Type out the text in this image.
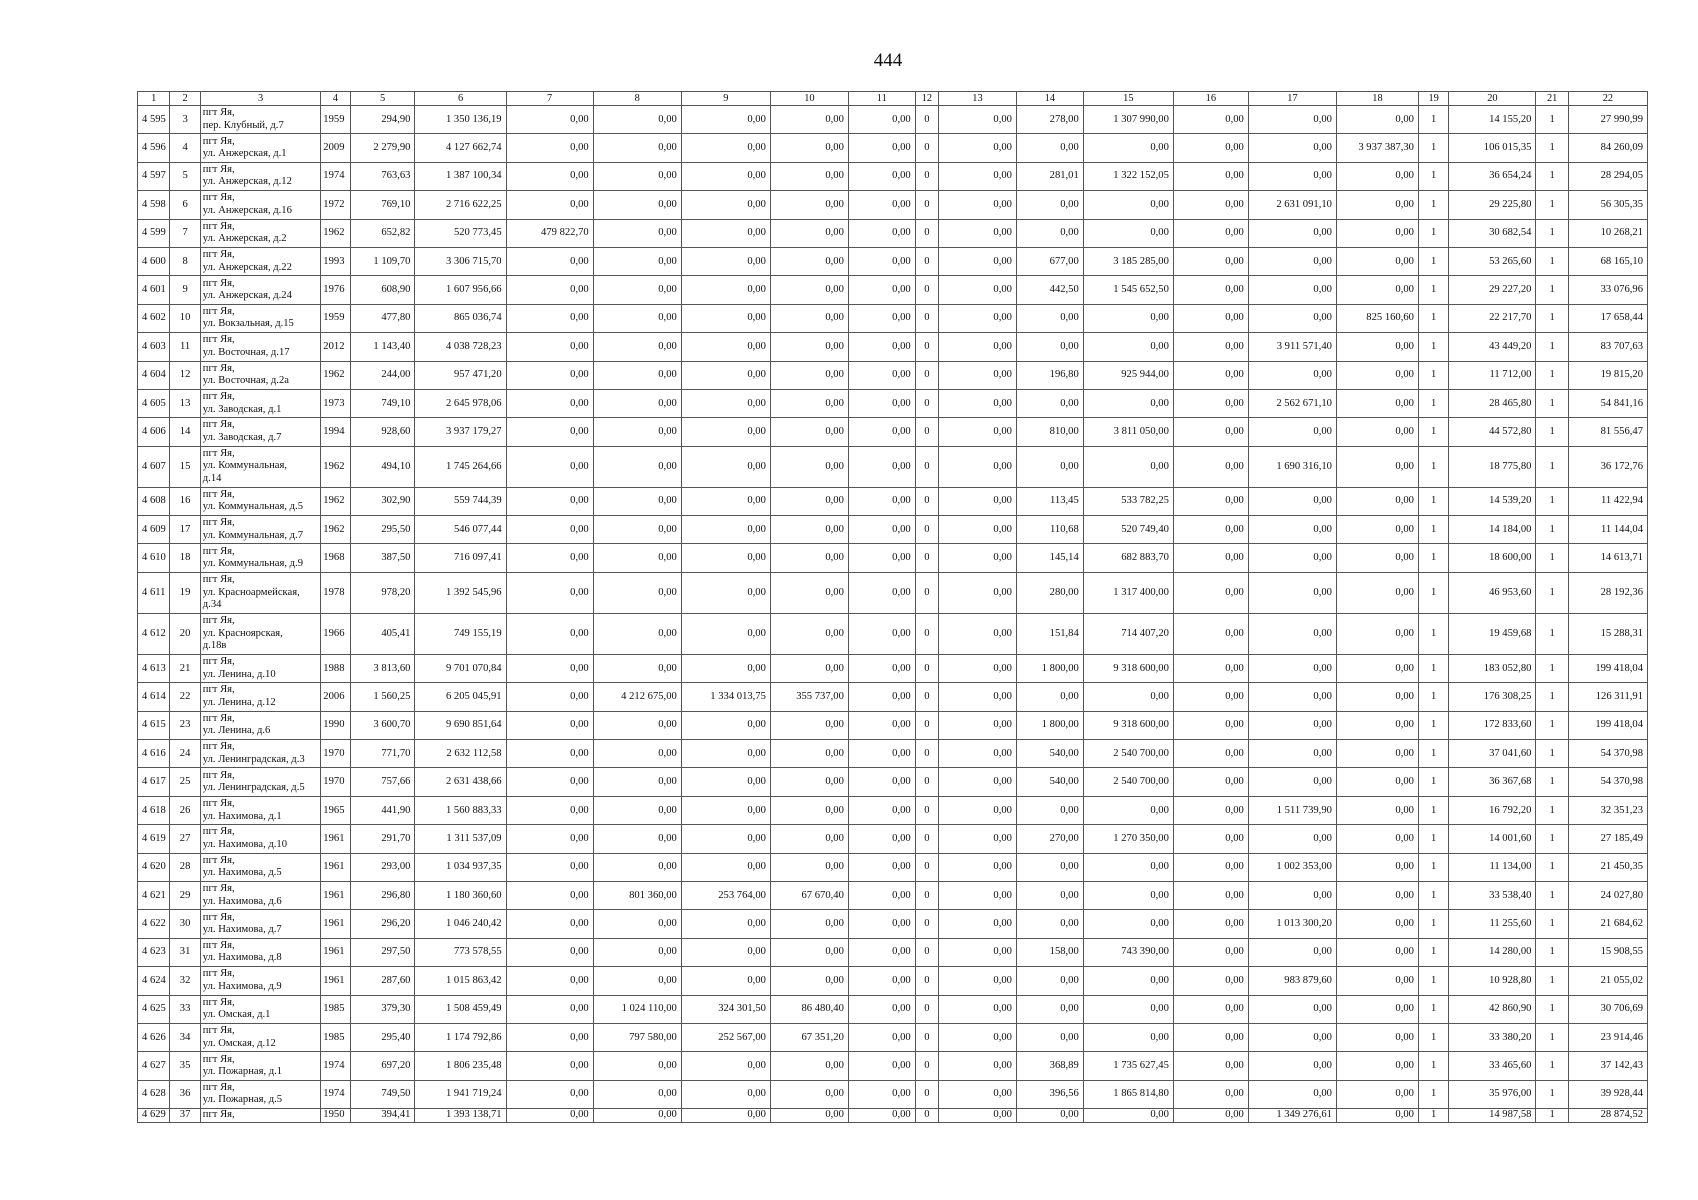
444
1	2	3	4	5	6	7	8	9	10	11	12	13	14	15	16	17	18	19	20	21	22
4 595	3	пгт Яя,
пер. Клубный, д.7	1959	294,90	1 350 136,19	0,00	0,00	0,00	0,00	0,00	0	0,00	278,00	1 307 990,00	0,00	0,00	0,00	1	14 155,20	1	27 990,99
4 596	4	пгт Яя,
ул. Анжерская, д.1	2009	2 279,90	4 127 662,74	0,00	0,00	0,00	0,00	0,00	0	0,00	0,00	0,00	0,00	0,00	3 937 387,30	1	106 015,35	1	84 260,09
4 597	5	пгт Яя,
ул. Анжерская, д.12	1974	763,63	1 387 100,34	0,00	0,00	0,00	0,00	0,00	0	0,00	281,01	1 322 152,05	0,00	0,00	0,00	1	36 654,24	1	28 294,05
4 598	6	пгт Яя,
ул. Анжерская, д.16	1972	769,10	2 716 622,25	0,00	0,00	0,00	0,00	0,00	0	0,00	0,00	0,00	0,00	2 631 091,10	0,00	1	29 225,80	1	56 305,35
4 599	7	пгт Яя,
ул. Анжерская, д.2	1962	652,82	520 773,45	479 822,70	0,00	0,00	0,00	0,00	0	0,00	0,00	0,00	0,00	0,00	0,00	1	30 682,54	1	10 268,21
4 600	8	пгт Яя,
ул. Анжерская, д.22	1993	1 109,70	3 306 715,70	0,00	0,00	0,00	0,00	0,00	0	0,00	677,00	3 185 285,00	0,00	0,00	0,00	1	53 265,60	1	68 165,10
4 601	9	пгт Яя,
ул. Анжерская, д.24	1976	608,90	1 607 956,66	0,00	0,00	0,00	0,00	0,00	0	0,00	442,50	1 545 652,50	0,00	0,00	0,00	1	29 227,20	1	33 076,96
4 602	10	пгт Яя,
ул. Вокзальная, д.15	1959	477,80	865 036,74	0,00	0,00	0,00	0,00	0,00	0	0,00	0,00	0,00	0,00	0,00	825 160,60	1	22 217,70	1	17 658,44
4 603	11	пгт Яя,
ул. Восточная, д.17	2012	1 143,40	4 038 728,23	0,00	0,00	0,00	0,00	0,00	0	0,00	0,00	0,00	0,00	3 911 571,40	0,00	1	43 449,20	1	83 707,63
4 604	12	пгт Яя,
ул. Восточная, д.2а	1962	244,00	957 471,20	0,00	0,00	0,00	0,00	0,00	0	0,00	196,80	925 944,00	0,00	0,00	0,00	1	11 712,00	1	19 815,20
4 605	13	пгт Яя,
ул. Заводская, д.1	1973	749,10	2 645 978,06	0,00	0,00	0,00	0,00	0,00	0	0,00	0,00	0,00	0,00	2 562 671,10	0,00	1	28 465,80	1	54 841,16
4 606	14	пгт Яя,
ул. Заводская, д.7	1994	928,60	3 937 179,27	0,00	0,00	0,00	0,00	0,00	0	0,00	810,00	3 811 050,00	0,00	0,00	0,00	1	44 572,80	1	81 556,47
4 607	15	пгт Яя,
ул. Коммунальная,
д.14	1962	494,10	1 745 264,66	0,00	0,00	0,00	0,00	0,00	0	0,00	0,00	0,00	0,00	1 690 316,10	0,00	1	18 775,80	1	36 172,76
4 608	16	пгт Яя,
ул. Коммунальная, д.5	1962	302,90	559 744,39	0,00	0,00	0,00	0,00	0,00	0	0,00	113,45	533 782,25	0,00	0,00	0,00	1	14 539,20	1	11 422,94
4 609	17	пгт Яя,
ул. Коммунальная, д.7	1962	295,50	546 077,44	0,00	0,00	0,00	0,00	0,00	0	0,00	110,68	520 749,40	0,00	0,00	0,00	1	14 184,00	1	11 144,04
4 610	18	пгт Яя,
ул. Коммунальная, д.9	1968	387,50	716 097,41	0,00	0,00	0,00	0,00	0,00	0	0,00	145,14	682 883,70	0,00	0,00	0,00	1	18 600,00	1	14 613,71
4 611	19	пгт Яя,
ул. Красноармейская,
д.34	1978	978,20	1 392 545,96	0,00	0,00	0,00	0,00	0,00	0	0,00	280,00	1 317 400,00	0,00	0,00	0,00	1	46 953,60	1	28 192,36
4 612	20	пгт Яя,
ул. Красноярская,
д.18в	1966	405,41	749 155,19	0,00	0,00	0,00	0,00	0,00	0	0,00	151,84	714 407,20	0,00	0,00	0,00	1	19 459,68	1	15 288,31
4 613	21	пгт Яя,
ул. Ленина, д.10	1988	3 813,60	9 701 070,84	0,00	0,00	0,00	0,00	0,00	0	0,00	1 800,00	9 318 600,00	0,00	0,00	0,00	1	183 052,80	1	199 418,04
4 614	22	пгт Яя,
ул. Ленина, д.12	2006	1 560,25	6 205 045,91	0,00	4 212 675,00	1 334 013,75	355 737,00	0,00	0	0,00	0,00	0,00	0,00	0,00	0,00	1	176 308,25	1	126 311,91
4 615	23	пгт Яя,
ул. Ленина, д.6	1990	3 600,70	9 690 851,64	0,00	0,00	0,00	0,00	0,00	0	0,00	1 800,00	9 318 600,00	0,00	0,00	0,00	1	172 833,60	1	199 418,04
4 616	24	пгт Яя,
ул. Ленинградская, д.3	1970	771,70	2 632 112,58	0,00	0,00	0,00	0,00	0,00	0	0,00	540,00	2 540 700,00	0,00	0,00	0,00	1	37 041,60	1	54 370,98
4 617	25	пгт Яя,
ул. Ленинградская, д.5	1970	757,66	2 631 438,66	0,00	0,00	0,00	0,00	0,00	0	0,00	540,00	2 540 700,00	0,00	0,00	0,00	1	36 367,68	1	54 370,98
4 618	26	пгт Яя,
ул. Нахимова, д.1	1965	441,90	1 560 883,33	0,00	0,00	0,00	0,00	0,00	0	0,00	0,00	0,00	0,00	1 511 739,90	0,00	1	16 792,20	1	32 351,23
4 619	27	пгт Яя,
ул. Нахимова, д.10	1961	291,70	1 311 537,09	0,00	0,00	0,00	0,00	0,00	0	0,00	270,00	1 270 350,00	0,00	0,00	0,00	1	14 001,60	1	27 185,49
4 620	28	пгт Яя,
ул. Нахимова, д.5	1961	293,00	1 034 937,35	0,00	0,00	0,00	0,00	0,00	0	0,00	0,00	0,00	0,00	1 002 353,00	0,00	1	11 134,00	1	21 450,35
4 621	29	пгт Яя,
ул. Нахимова, д.6	1961	296,80	1 180 360,60	0,00	801 360,00	253 764,00	67 670,40	0,00	0	0,00	0,00	0,00	0,00	0,00	0,00	1	33 538,40	1	24 027,80
4 622	30	пгт Яя,
ул. Нахимова, д.7	1961	296,20	1 046 240,42	0,00	0,00	0,00	0,00	0,00	0	0,00	0,00	0,00	0,00	1 013 300,20	0,00	1	11 255,60	1	21 684,62
4 623	31	пгт Яя,
ул. Нахимова, д.8	1961	297,50	773 578,55	0,00	0,00	0,00	0,00	0,00	0	0,00	158,00	743 390,00	0,00	0,00	0,00	1	14 280,00	1	15 908,55
4 624	32	пгт Яя,
ул. Нахимова, д.9	1961	287,60	1 015 863,42	0,00	0,00	0,00	0,00	0,00	0	0,00	0,00	0,00	0,00	983 879,60	0,00	1	10 928,80	1	21 055,02
4 625	33	пгт Яя,
ул. Омская, д.1	1985	379,30	1 508 459,49	0,00	1 024 110,00	324 301,50	86 480,40	0,00	0	0,00	0,00	0,00	0,00	0,00	0,00	1	42 860,90	1	30 706,69
4 626	34	пгт Яя,
ул. Омская, д.12	1985	295,40	1 174 792,86	0,00	797 580,00	252 567,00	67 351,20	0,00	0	0,00	0,00	0,00	0,00	0,00	0,00	1	33 380,20	1	23 914,46
4 627	35	пгт Яя,
ул. Пожарная, д.1	1974	697,20	1 806 235,48	0,00	0,00	0,00	0,00	0,00	0	0,00	368,89	1 735 627,45	0,00	0,00	0,00	1	33 465,60	1	37 142,43
4 628	36	пгт Яя,
ул. Пожарная, д.5	1974	749,50	1 941 719,24	0,00	0,00	0,00	0,00	0,00	0	0,00	396,56	1 865 814,80	0,00	0,00	0,00	1	35 976,00	1	39 928,44
4 629	37	пгт Яя,	1950	394,41	1 393 138,71	0,00	0,00	0,00	0,00	0,00	0	0,00	0,00	0,00	0,00	1 349 276,61	0,00	1	14 987,58	1	28 874,52
